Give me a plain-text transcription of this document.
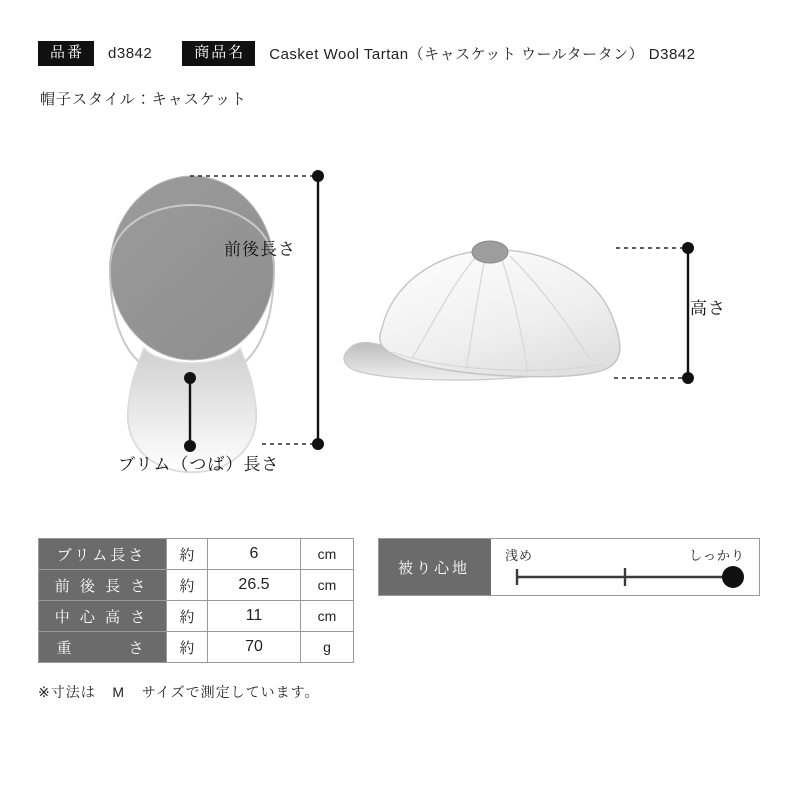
品番	d3842	商品名	Casket Wool Tartan（キャスケット ウールタータン） D3842
帽子スタイル：キャスケット
前後長さ
ブリム（つば）長さ
高さ
ブリム長さ	約	6	cm
前 後 長 さ	約	26.5	cm
中 心 高 さ	約	11	cm
重　　　さ	約	70	g
※寸法は M サイズで測定しています。
被り心地
浅め	しっかり
